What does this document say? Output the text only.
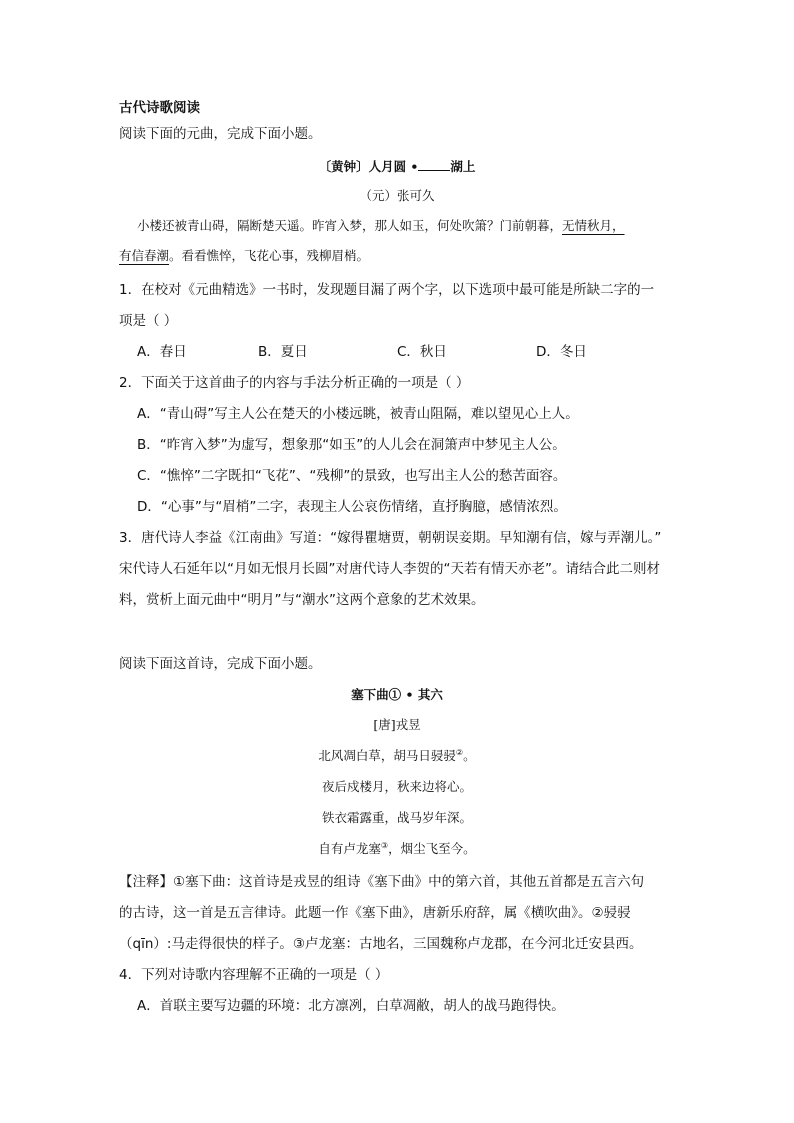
古代诗歌阅读
阅读下面的元曲，完成下面小题。
〔黄钟〕人月圆 •	湖上
（元）张可久
小楼还被青山碍，隔断楚天遥。昨宵入梦，那人如玉，何处吹箫？门前朝暮，无情秋月，
有信春潮。看看憔悴，飞花心事，残柳眉梢。
1．在校对《元曲精选》一书时，发现题目漏了两个字，以下选项中最可能是所缺二字的一
项是（ ）
A．春日	B．夏日	C．秋日	D．冬日
2．下面关于这首曲子的内容与手法分析正确的一项是（ ）
A．“青山碍”写主人公在楚天的小楼远眺，被青山阻隔，难以望见心上人。
B．“昨宵入梦”为虚写，想象那“如玉”的人儿会在洞箫声中梦见主人公。
C．“憔悴”二字既扣“飞花”、“残柳”的景致，也写出主人公的愁苦面容。
D．“心事”与“眉梢”二字，表现主人公哀伤情绪，直抒胸臆，感情浓烈。
3．唐代诗人李益《江南曲》写道：“嫁得瞿塘贾，朝朝误妾期。早知潮有信，嫁与弄潮儿。”
宋代诗人石延年以“月如无恨月长圆”对唐代诗人李贺的“天若有情天亦老”。请结合此二则材
料，赏析上面元曲中“明月”与“潮水”这两个意象的艺术效果。
阅读下面这首诗，完成下面小题。
塞下曲① • 其六
[唐]戎昱
北风凋白草，胡马日骎骎②。
夜后戍楼月，秋来边将心。
铁衣霜露重，战马岁年深。
自有卢龙塞③，烟尘飞至今。
【注释】①塞下曲：这首诗是戎昱的组诗《塞下曲》中的第六首，其他五首都是五言六句
的古诗，这一首是五言律诗。此题一作《塞下曲》，唐新乐府辞，属《横吹曲》。②骎骎
（qīn）:马走得很快的样子。③卢龙塞：古地名，三国魏称卢龙郡，在今河北迁安县西。
4．下列对诗歌内容理解不正确的一项是（ ）
A．首联主要写边疆的环境：北方凛冽，白草凋敝，胡人的战马跑得快。
